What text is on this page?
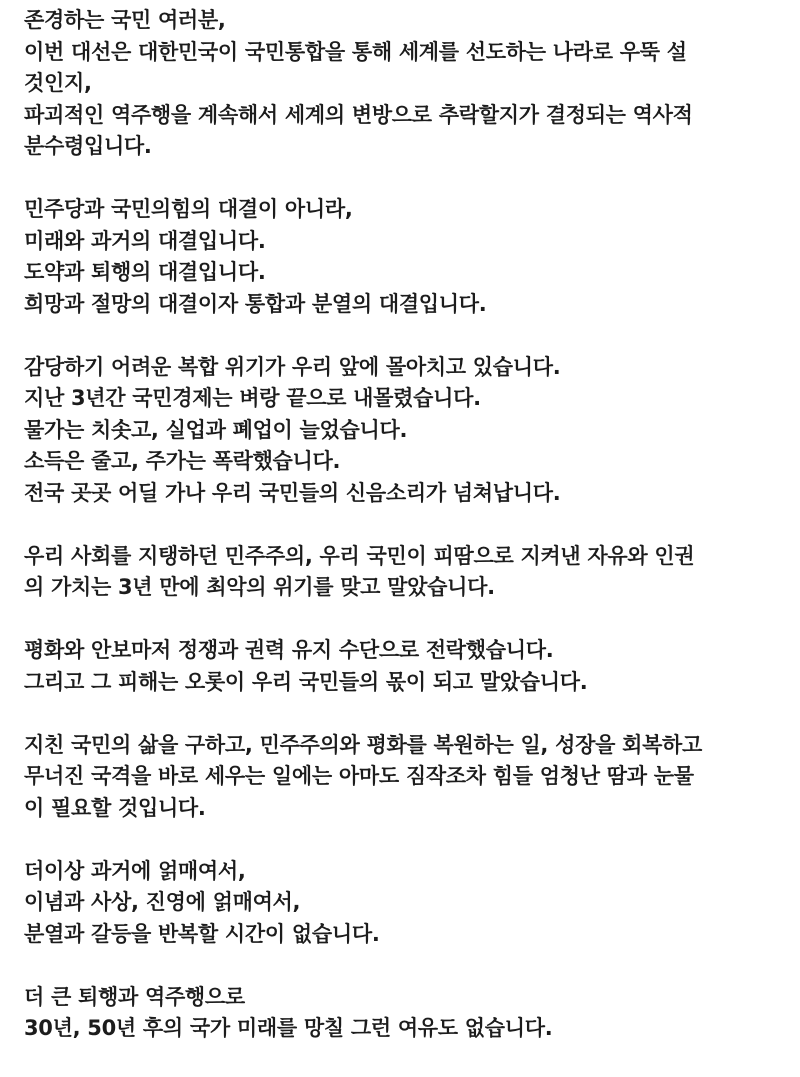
존경하는 국민 여러분,
이번 대선은 대한민국이 국민통합을 통해 세계를 선도하는 나라로 우뚝 설
것인지,
파괴적인 역주행을 계속해서 세계의 변방으로 추락할지가 결정되는 역사적
분수령입니다.
민주당과 국민의힘의 대결이 아니라,
미래와 과거의 대결입니다.
도약과 퇴행의 대결입니다.
희망과 절망의 대결이자 통합과 분열의 대결입니다.
감당하기 어려운 복합 위기가 우리 앞에 몰아치고 있습니다.
지난 3년간 국민경제는 벼랑 끝으로 내몰렸습니다.
물가는 치솟고, 실업과 폐업이 늘었습니다.
소득은 줄고, 주가는 폭락했습니다.
전국 곳곳 어딜 가나 우리 국민들의 신음소리가 넘쳐납니다.
우리 사회를 지탱하던 민주주의, 우리 국민이 피땀으로 지켜낸 자유와 인권
의 가치는 3년 만에 최악의 위기를 맞고 말았습니다.
평화와 안보마저 정쟁과 권력 유지 수단으로 전락했습니다.
그리고 그 피해는 오롯이 우리 국민들의 몫이 되고 말았습니다.
지친 국민의 삶을 구하고, 민주주의와 평화를 복원하는 일, 성장을 회복하고
무너진 국격을 바로 세우는 일에는 아마도 짐작조차 힘들 엄청난 땀과 눈물
이 필요할 것입니다.
더이상 과거에 얽매여서,
이념과 사상, 진영에 얽매여서,
분열과 갈등을 반복할 시간이 없습니다.
더 큰 퇴행과 역주행으로
30년, 50년 후의 국가 미래를 망칠 그런 여유도 없습니다.
